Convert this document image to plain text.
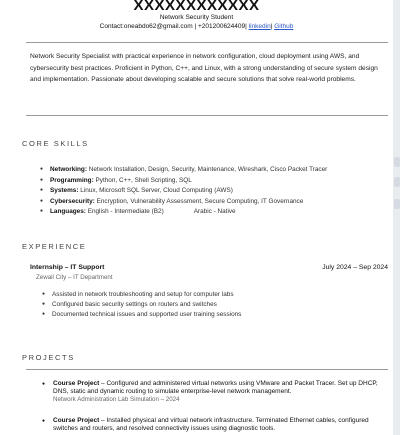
XXXXXXXXXXXX
Network Security Student
Contact:oneabdo62@gmail.com | +201200624409| linkedin| Github

Network Security Specialist with practical experience in network configuration, cloud deployment using AWS, and cybersecurity best practices. Proficient in Python, C++, and Linux, with a strong understanding of secure system design and implementation. Passionate about developing scalable and secure solutions that solve real-world problems.

CORE SKILLS
● Networking: Network Installation, Design, Security, Maintenance, Wireshark, Cisco Packet Tracer
● Programming: Python, C++, Shell Scripting, SQL
● Systems: Linux, Microsoft SQL Server, Cloud Computing (AWS)
● Cybersecurity: Encryption, Vulnerability Assessment, Secure Computing, IT Governance
● Languages: English - Intermediate (B2)	Arabic - Native
EXPERIENCE
Internship – IT Support	July 2024 – Sep 2024
Zewail City – IT Department
● Assisted in network troubleshooting and setup for computer labs
● Configured basic security settings on routers and switches
● Documented technical issues and supported user training sessions
PROJECTS
● Course Project – Configured and administered virtual networks using VMware and Packet Tracer. Set up DHCP, DNS, static and dynamic routing to simulate enterprise-level network management.
Network Administration Lab Simulation – 2024
● Course Project – Installed physical and virtual network infrastructure. Terminated Ethernet cables, configured switches and routers, and resolved connectivity issues using diagnostic tools.
